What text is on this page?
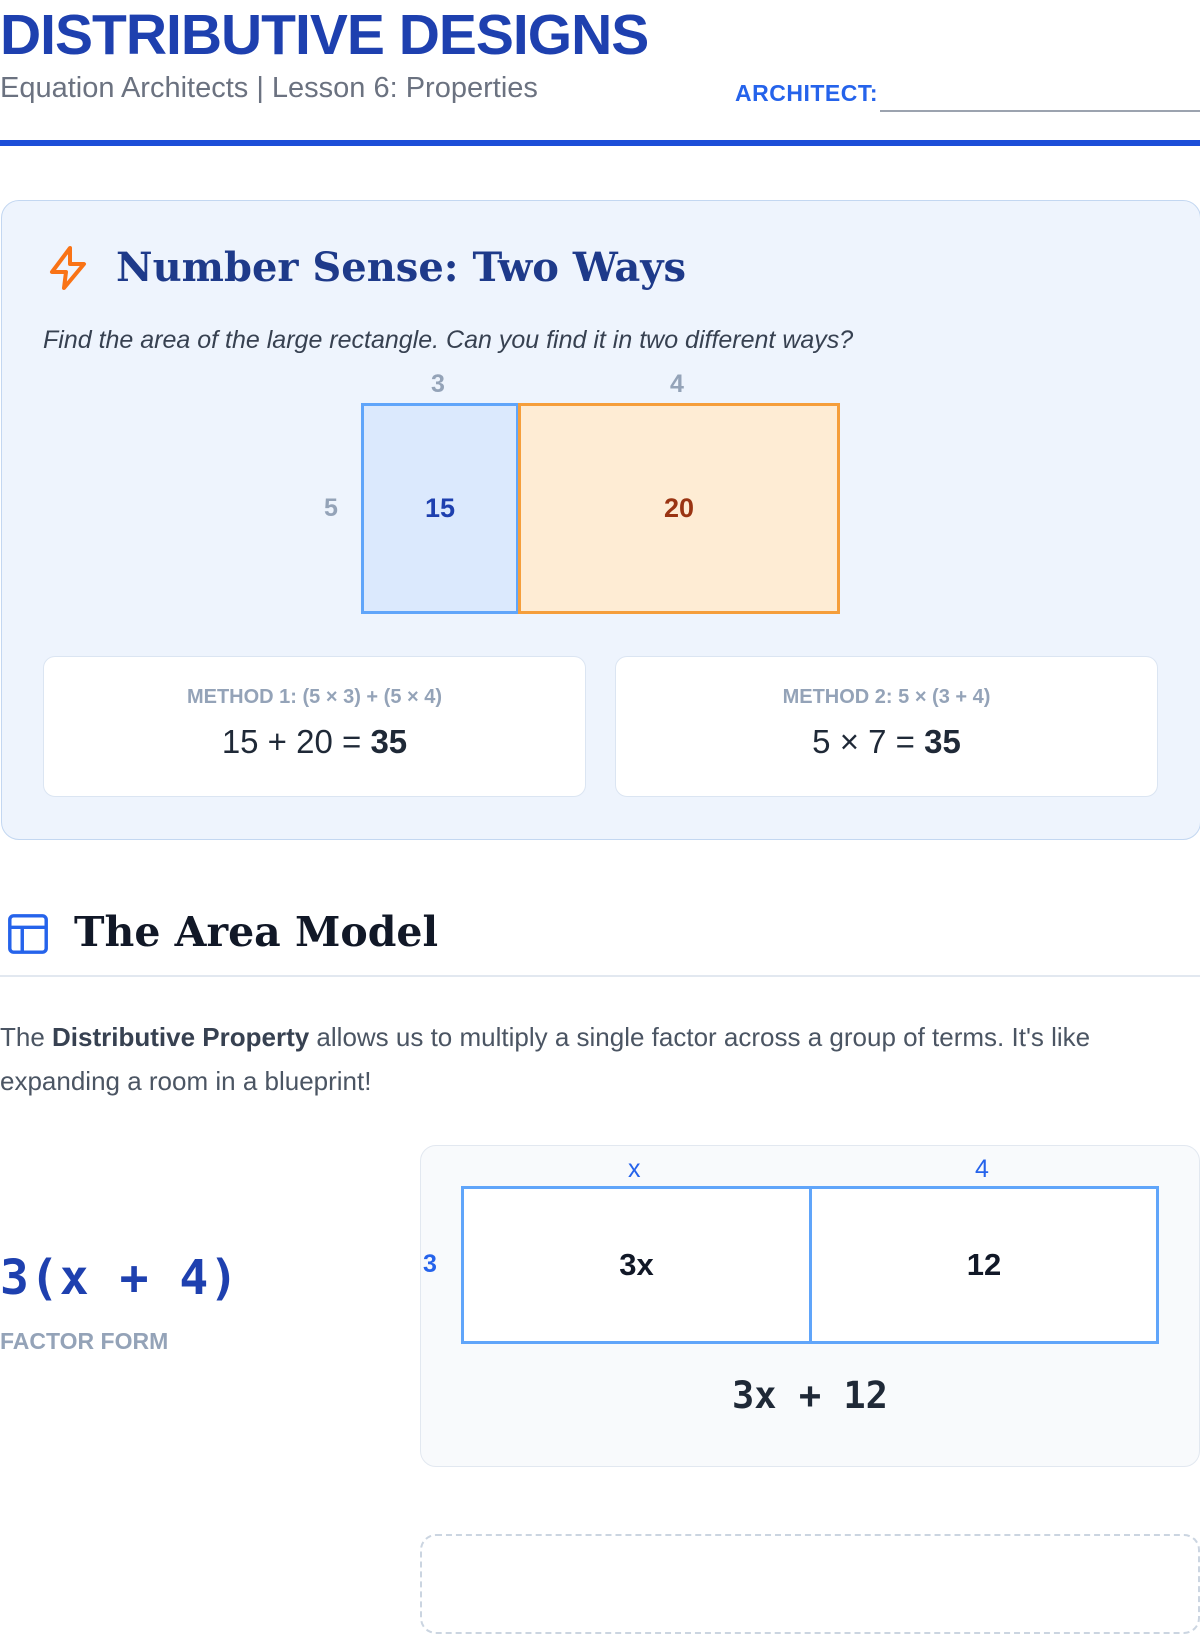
DISTRIBUTIVE DESIGNS
Equation Architects | Lesson 6: Properties	ARCHITECT:
Number Sense: Two Ways
Find the area of the large rectangle. Can you find it in two different ways?
3	4
5	15	20
METHOD 1: (5 × 3) + (5 × 4)
15 + 20 = 35
METHOD 2: 5 × (3 + 4)
5 × 7 = 35
The Area Model

The Distributive Property allows us to multiply a single factor across a group of terms. It's like expanding a room in a blueprint!

3(x + 4)
FACTOR FORM
x	4
3	3x	12
3x + 12
